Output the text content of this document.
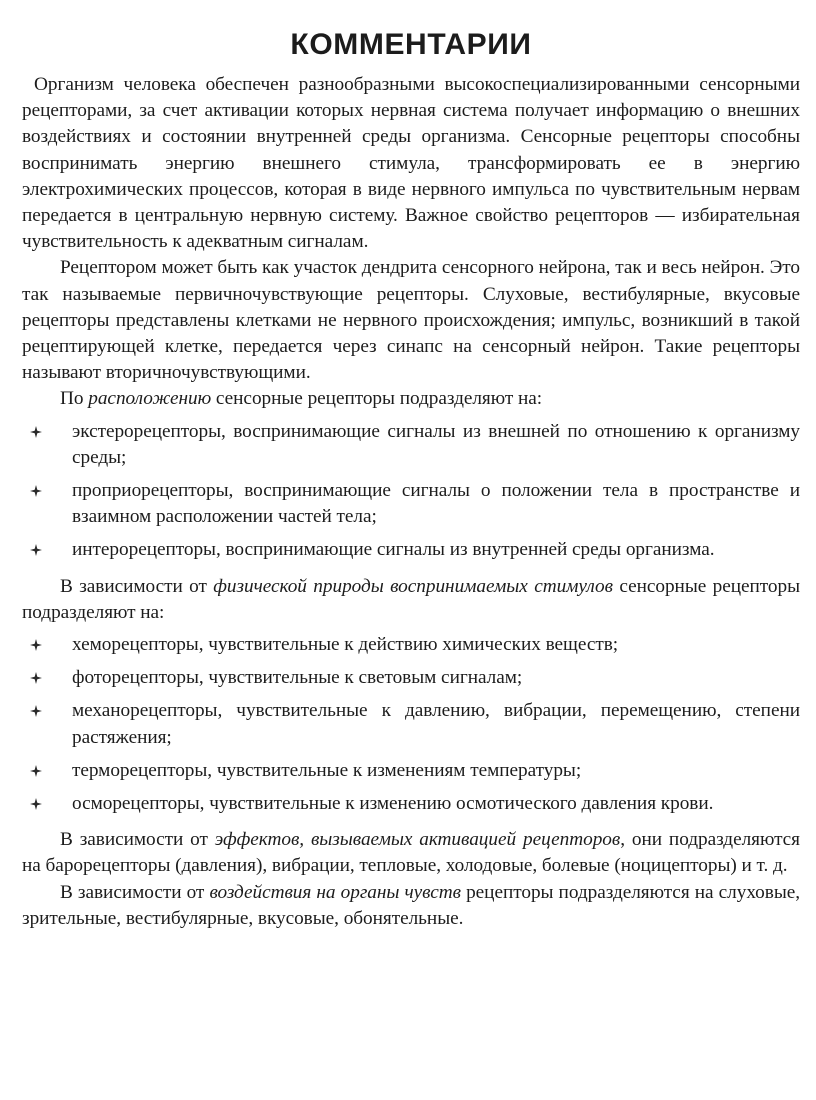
КОММЕНТАРИИ

Организм человека обеспечен разнообразными высокоспециализированными сенсорными рецепторами, за счет активации которых нервная система получает информацию о внешних воздействиях и состоянии внутренней среды организма. Сенсорные рецепторы способны воспринимать энергию внешнего стимула, трансформировать ее в энергию электрохимических процессов, которая в виде нервного импульса по чувствительным нервам передается в центральную нервную систему. Важное свойство рецепторов — избирательная чувствительность к адекватным сигналам.

Рецептором может быть как участок дендрита сенсорного нейрона, так и весь нейрон. Это так называемые первичночувствующие рецепторы. Слуховые, вестибулярные, вкусовые рецепторы представлены клетками не нервного происхождения; импульс, возникший в такой рецептирующей клетке, передается через синапс на сенсорный нейрон. Такие рецепторы называют вторичночувствующими.

По расположению сенсорные рецепторы подразделяют на:

экстерорецепторы, воспринимающие сигналы из внешней по отношению к организму среды;
проприорецепторы, воспринимающие сигналы о положении тела в пространстве и взаимном расположении частей тела;
интерорецепторы, воспринимающие сигналы из внутренней среды организма.

В зависимости от физической природы воспринимаемых стимулов сенсорные рецепторы подразделяют на:

хеморецепторы, чувствительные к действию химических веществ;
фоторецепторы, чувствительные к световым сигналам;
механорецепторы, чувствительные к давлению, вибрации, перемещению, степени растяжения;
терморецепторы, чувствительные к изменениям температуры;
осморецепторы, чувствительные к изменению осмотического давления крови.

В зависимости от эффектов, вызываемых активацией рецепторов, они подразделяются на барорецепторы (давления), вибрации, тепловые, холодовые, болевые (ноцицепторы) и т. д.

В зависимости от воздействия на органы чувств рецепторы подразделяются на слуховые, зрительные, вестибулярные, вкусовые, обонятельные.
